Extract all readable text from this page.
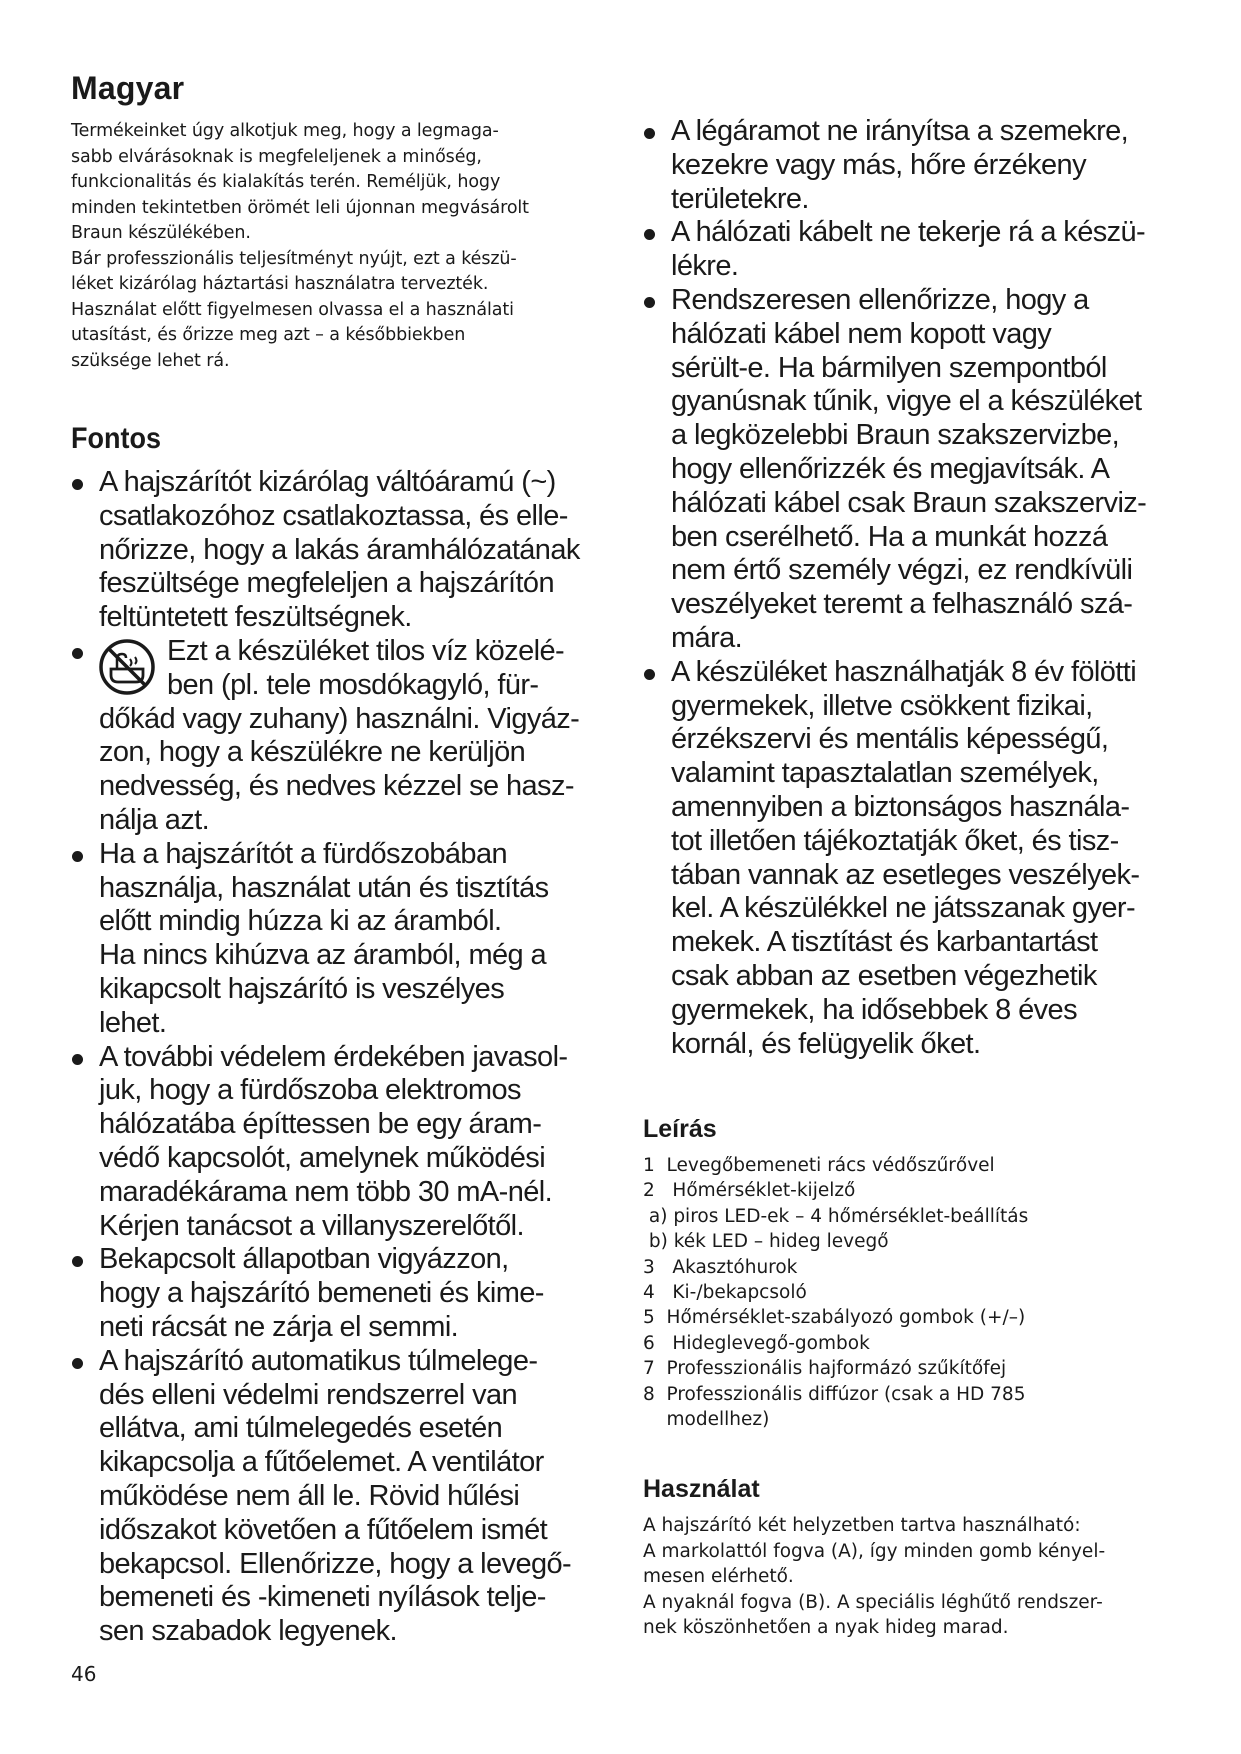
Magyar

Termékeinket úgy alkotjuk meg, hogy a legmaga-

sabb elvárásoknak is megfeleljenek a minőség,

funkcionalitás és kialakítás terén. Reméljük, hogy

minden tekintetben örömét leli újonnan megvásárolt

Braun készülékében.

Bár professzionális teljesítményt nyújt, ezt a készü-

léket kizárólag háztartási használatra tervezték.

Használat előtt figyelmesen olvassa el a használati

utasítást, és őrizze meg azt – a későbbiekben

szüksége lehet rá.

Fontos
A hajszárítót kizárólag váltóáramú (~)
csatlakozóhoz csatlakoztassa, és elle-
nőrizze, hogy a lakás áramhálózatának
feszültsége megfeleljen a hajszárítón
feltüntetett feszültségnek.
Ezt a készüléket tilos víz közelé-
ben (pl. tele mosdókagyló, für-
dőkád vagy zuhany) használni. Vigyáz-
zon, hogy a készülékre ne kerüljön
nedvesség, és nedves kézzel se hasz-
nálja azt.
Ha a hajszárítót a fürdőszobában
használja, használat után és tisztítás
előtt mindig húzza ki az áramból.
Ha nincs kihúzva az áramból, még a
kikapcsolt hajszárító is veszélyes
lehet.
A további védelem érdekében javasol-
juk, hogy a fürdőszoba elektromos
hálózatába építtessen be egy áram-
védő kapcsolót, amelynek működési
maradékárama nem több 30 mA-nél.
Kérjen tanácsot a villanyszerelőtől.
Bekapcsolt állapotban vigyázzon,
hogy a hajszárító bemeneti és kime-
neti rácsát ne zárja el semmi.
A hajszárító automatikus túlmelege-
dés elleni védelmi rendszerrel van
ellátva, ami túlmelegedés esetén
kikapcsolja a fűtőelemet. A ventilátor
működése nem áll le. Rövid hűlési
időszakot követően a fűtőelem ismét
bekapcsol. Ellenőrizze, hogy a levegő-
bemeneti és -kimeneti nyílások telje-
sen szabadok legyenek.
A légáramot ne irányítsa a szemekre,
kezekre vagy más, hőre érzékeny
területekre.
A hálózati kábelt ne tekerje rá a készü-
lékre.
Rendszeresen ellenőrizze, hogy a
hálózati kábel nem kopott vagy
sérült-e. Ha bármilyen szempontból
gyanúsnak tűnik, vigye el a készüléket
a legközelebbi Braun szakszervizbe,
hogy ellenőrizzék és megjavítsák. A
hálózati kábel csak Braun szakszerviz-
ben cserélhető. Ha a munkát hozzá
nem értő személy végzi, ez rendkívüli
veszélyeket teremt a felhasználó szá-
mára.
A készüléket használhatják 8 év fölötti
gyermekek, illetve csökkent fizikai,
érzékszervi és mentális képességű,
valamint tapasztalatlan személyek,
amennyiben a biztonságos használa-
tot illetően tájékoztatják őket, és tisz-
tában vannak az esetleges veszélyek-
kel. A készülékkel ne játsszanak gyer-
mekek. A tisztítást és karbantartást
csak abban az esetben végezhetik
gyermekek, ha idősebbek 8 éves
kornál, és felügyelik őket.
Leírás
1  Levegőbemeneti rács védőszűrővel
2   Hőmérséklet-kijelző
a) piros LED-ek – 4 hőmérséklet-beállítás
b) kék LED – hideg levegő
3   Akasztóhurok
4   Ki-/bekapcsoló
5  Hőmérséklet-szabályozó gombok (+/–)
6   Hideglevegő-gombok
7  Professzionális hajformázó szűkítőfej
8  Professzionális diffúzor (csak a HD 785
modellhez)
Használat

A hajszárító két helyzetben tartva használható:

A markolattól fogva (A), így minden gomb kényel-

mesen elérhető.

A nyaknál fogva (B). A speciális léghűtő rendszer-

nek köszönhetően a nyak hideg marad.

46
